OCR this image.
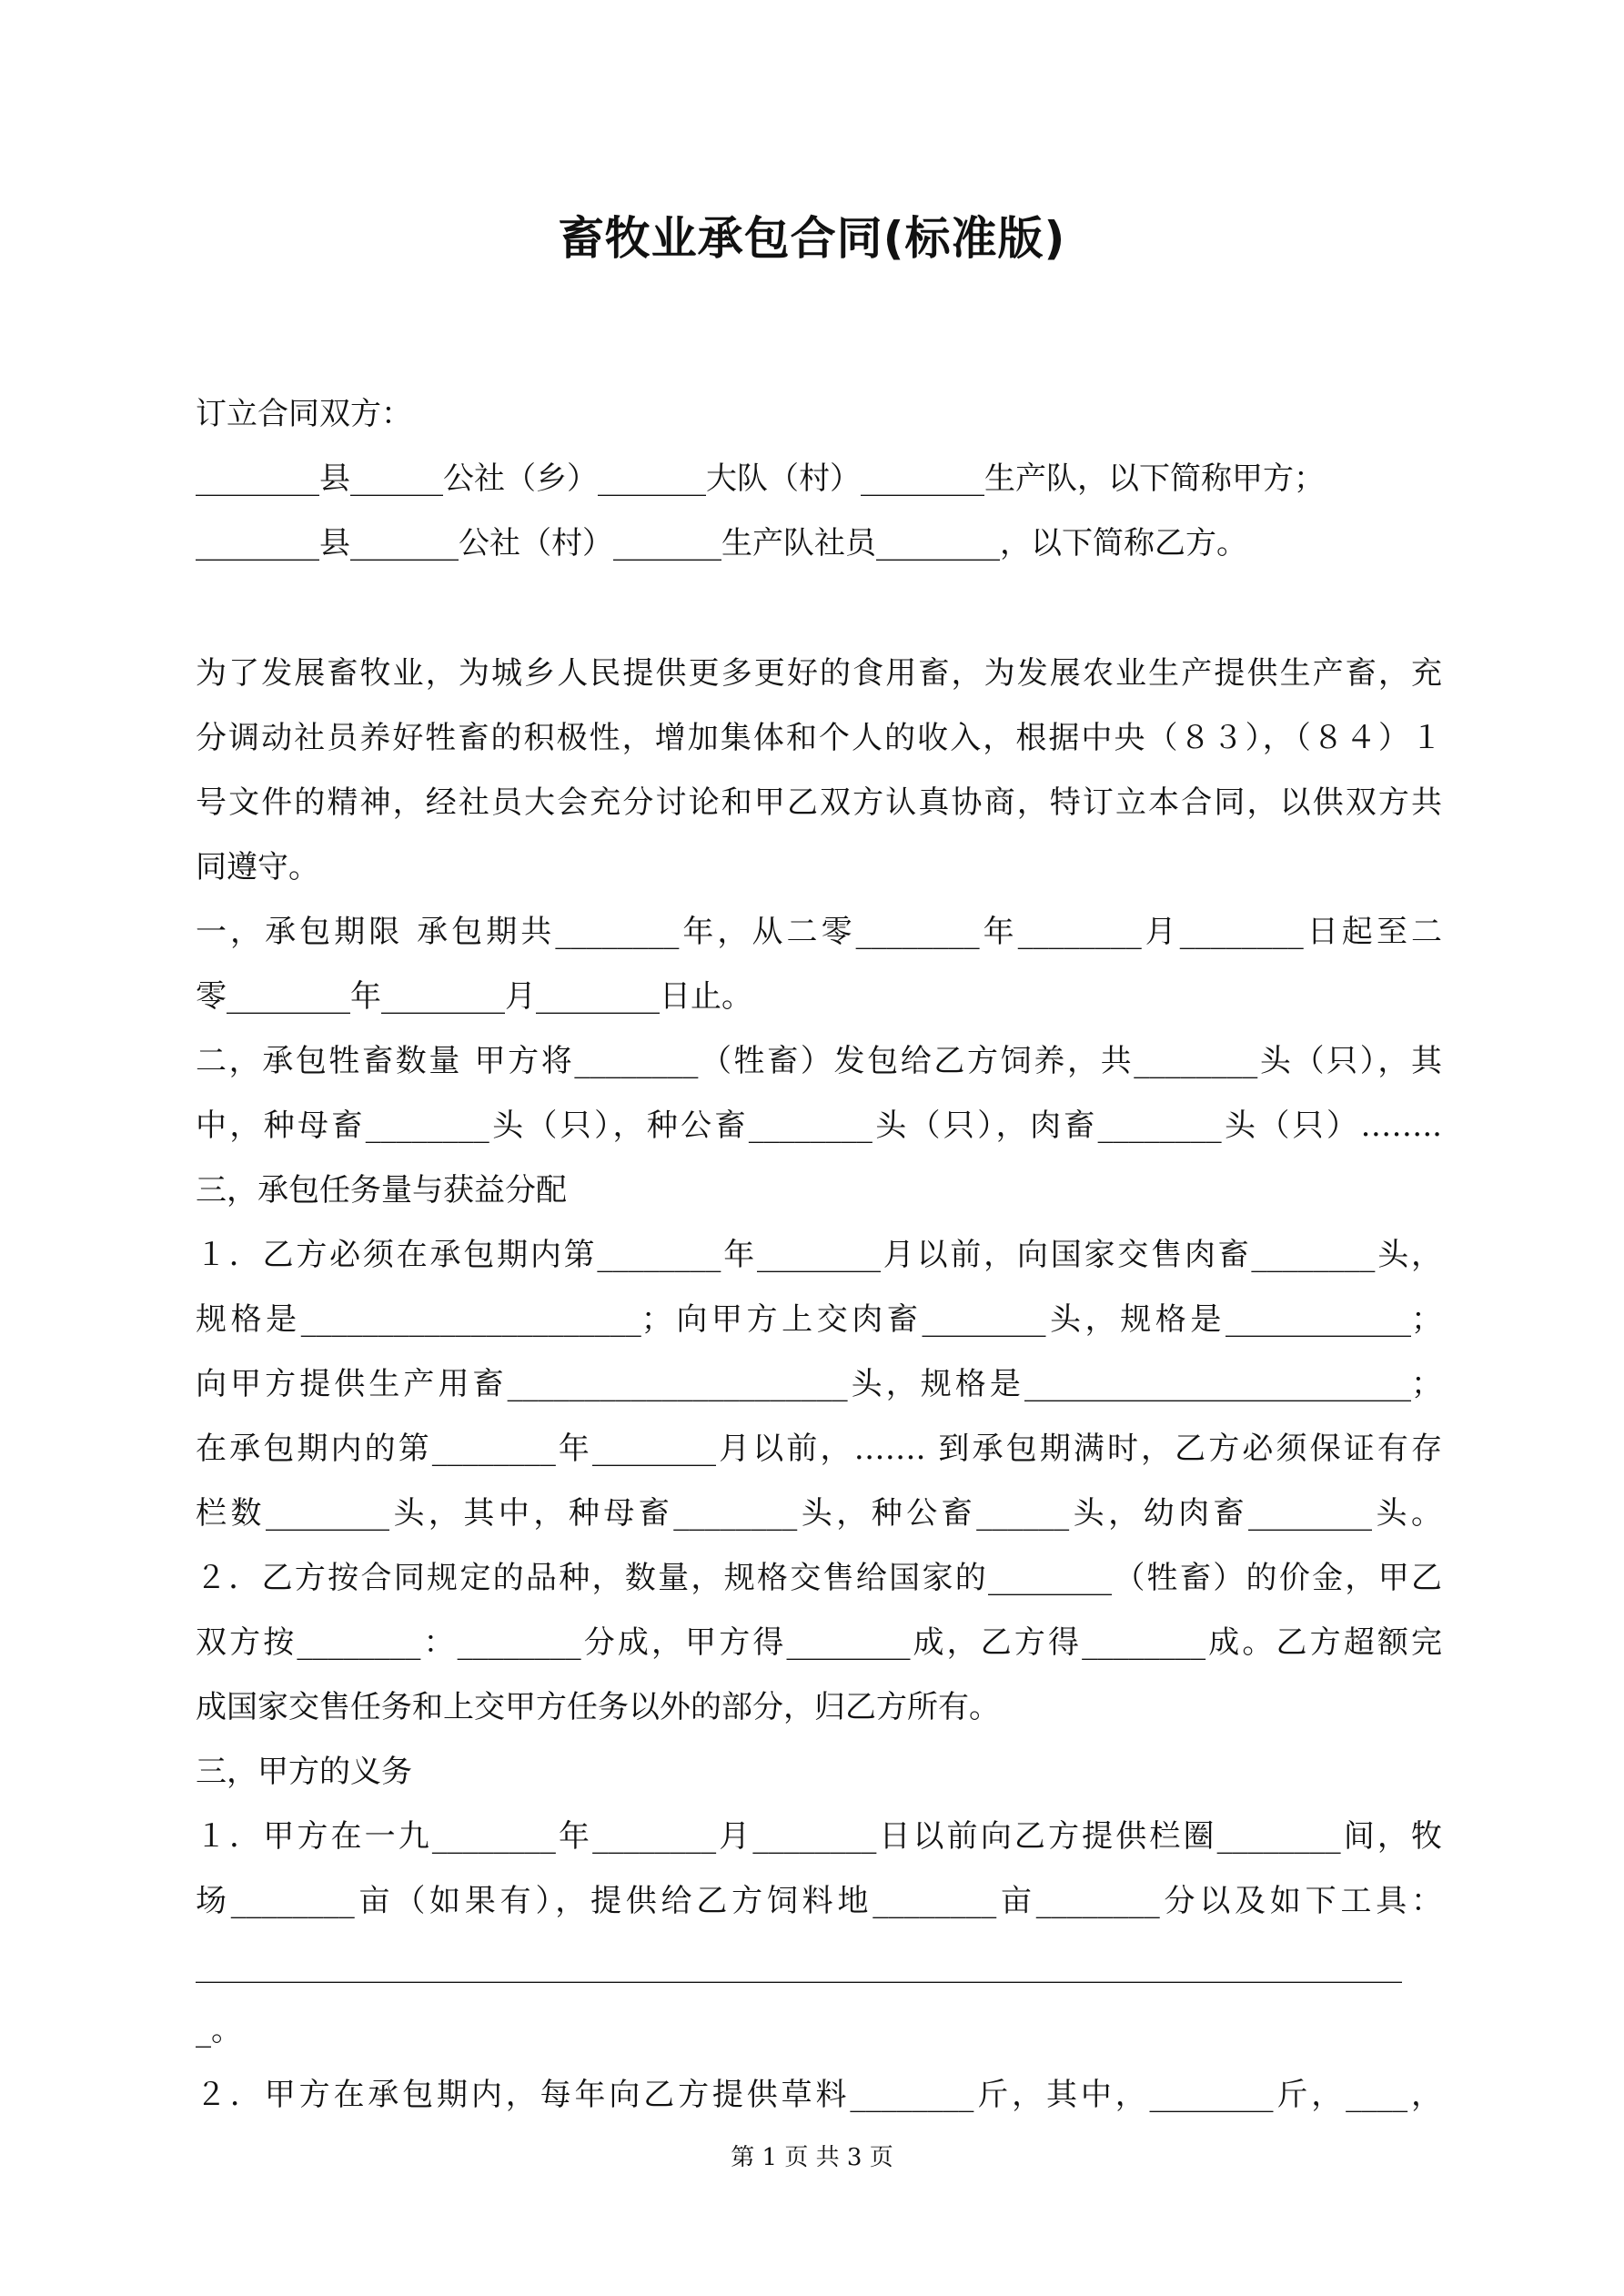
畜牧业承包合同(标准版)
订立合同双方：
________县______公社（乡）_______大队（村）________生产队，以下简称甲方；
________县_______公社（村）_______生产队社员________，以下简称乙方。
为了发展畜牧业，为城乡人民提供更多更好的食用畜，为发展农业生产提供生产畜，充
分调动社员养好牲畜的积极性，增加集体和个人的收入，根据中央（８３），（８４）１
号文件的精神，经社员大会充分讨论和甲乙双方认真协商，特订立本合同，以供双方共
同遵守。
一，承包期限 承包期共________年，从二零________年________月________日起至二
零________年________月________日止。
二，承包牲畜数量 甲方将________（牲畜）发包给乙方饲养，共________头（只），其
中，种母畜________头（只），种公畜________头（只），肉畜________头（只）……..
三，承包任务量与获益分配
１．乙方必须在承包期内第________年________月以前，向国家交售肉畜________头，
规格是______________________；向甲方上交肉畜________头，规格是____________；
向甲方提供生产用畜______________________头，规格是_________________________；
在承包期内的第________年________月以前，……. 到承包期满时，乙方必须保证有存
栏数________头，其中，种母畜________头，种公畜______头，幼肉畜________头。
２．乙方按合同规定的品种，数量，规格交售给国家的________（牲畜）的价金，甲乙
双方按________：________分成，甲方得________成，乙方得________成。乙方超额完
成国家交售任务和上交甲方任务以外的部分，归乙方所有。
三，甲方的义务
１．甲方在一九________年________月________日以前向乙方提供栏圈________间，牧
场________亩（如果有），提供给乙方饲料地________亩________分以及如下工具：
______________________________________________________________________________
_。
２．甲方在承包期内，每年向乙方提供草料________斤，其中，________斤，____，
第 1 页 共 3 页
